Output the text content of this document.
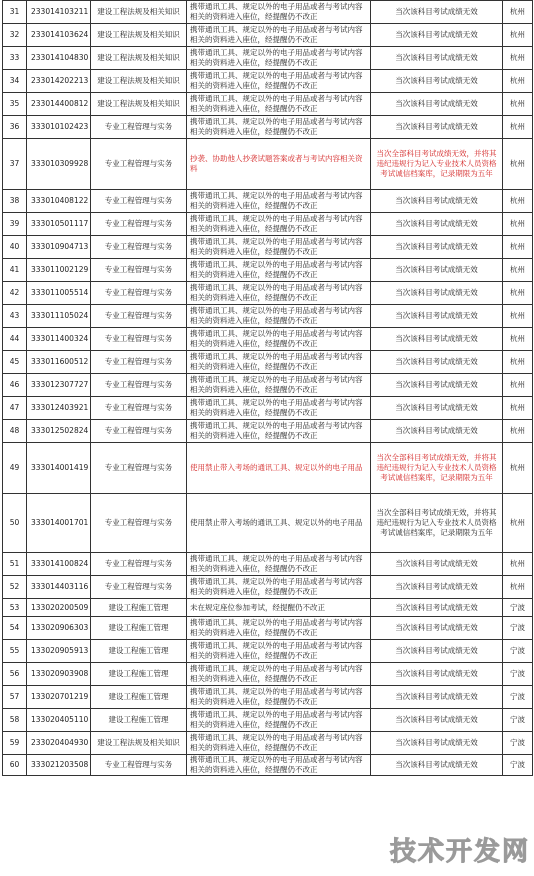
31	233014103211	建设工程法规及相关知识	携带通讯工具、规定以外的电子用品或者与考试内容相关的资料进入座位，经提醒仍不改正	当次该科目考试成绩无效	杭州
32	233014103624	建设工程法规及相关知识	携带通讯工具、规定以外的电子用品或者与考试内容相关的资料进入座位，经提醒仍不改正	当次该科目考试成绩无效	杭州
33	233014104830	建设工程法规及相关知识	携带通讯工具、规定以外的电子用品或者与考试内容相关的资料进入座位，经提醒仍不改正	当次该科目考试成绩无效	杭州
34	233014202213	建设工程法规及相关知识	携带通讯工具、规定以外的电子用品或者与考试内容相关的资料进入座位，经提醒仍不改正	当次该科目考试成绩无效	杭州
35	233014400812	建设工程法规及相关知识	携带通讯工具、规定以外的电子用品或者与考试内容相关的资料进入座位，经提醒仍不改正	当次该科目考试成绩无效	杭州
36	333010102423	专业工程管理与实务	携带通讯工具、规定以外的电子用品或者与考试内容相关的资料进入座位，经提醒仍不改正	当次该科目考试成绩无效	杭州
37	333010309928	专业工程管理与实务	抄袭、协助他人抄袭试题答案或者与考试内容相关资料	当次全部科目考试成绩无效，并将其违纪违规行为记入专业技术人员资格考试诚信档案库，记录期限为五年	杭州
38	333010408122	专业工程管理与实务	携带通讯工具、规定以外的电子用品或者与考试内容相关的资料进入座位，经提醒仍不改正	当次该科目考试成绩无效	杭州
39	333010501117	专业工程管理与实务	携带通讯工具、规定以外的电子用品或者与考试内容相关的资料进入座位，经提醒仍不改正	当次该科目考试成绩无效	杭州
40	333010904713	专业工程管理与实务	携带通讯工具、规定以外的电子用品或者与考试内容相关的资料进入座位，经提醒仍不改正	当次该科目考试成绩无效	杭州
41	333011002129	专业工程管理与实务	携带通讯工具、规定以外的电子用品或者与考试内容相关的资料进入座位，经提醒仍不改正	当次该科目考试成绩无效	杭州
42	333011005514	专业工程管理与实务	携带通讯工具、规定以外的电子用品或者与考试内容相关的资料进入座位，经提醒仍不改正	当次该科目考试成绩无效	杭州
43	333011105024	专业工程管理与实务	携带通讯工具、规定以外的电子用品或者与考试内容相关的资料进入座位，经提醒仍不改正	当次该科目考试成绩无效	杭州
44	333011400324	专业工程管理与实务	携带通讯工具、规定以外的电子用品或者与考试内容相关的资料进入座位，经提醒仍不改正	当次该科目考试成绩无效	杭州
45	333011600512	专业工程管理与实务	携带通讯工具、规定以外的电子用品或者与考试内容相关的资料进入座位，经提醒仍不改正	当次该科目考试成绩无效	杭州
46	333012307727	专业工程管理与实务	携带通讯工具、规定以外的电子用品或者与考试内容相关的资料进入座位，经提醒仍不改正	当次该科目考试成绩无效	杭州
47	333012403921	专业工程管理与实务	携带通讯工具、规定以外的电子用品或者与考试内容相关的资料进入座位，经提醒仍不改正	当次该科目考试成绩无效	杭州
48	333012502824	专业工程管理与实务	携带通讯工具、规定以外的电子用品或者与考试内容相关的资料进入座位，经提醒仍不改正	当次该科目考试成绩无效	杭州
49	333014001419	专业工程管理与实务	使用禁止带入考场的通讯工具、规定以外的电子用品	当次全部科目考试成绩无效，并将其违纪违规行为记入专业技术人员资格考试诚信档案库，记录期限为五年	杭州
50	333014001701	专业工程管理与实务	使用禁止带入考场的通讯工具、规定以外的电子用品	当次全部科目考试成绩无效，并将其违纪违规行为记入专业技术人员资格考试诚信档案库，记录期限为五年	杭州
51	333014100824	专业工程管理与实务	携带通讯工具、规定以外的电子用品或者与考试内容相关的资料进入座位，经提醒仍不改正	当次该科目考试成绩无效	杭州
52	333014403116	专业工程管理与实务	携带通讯工具、规定以外的电子用品或者与考试内容相关的资料进入座位，经提醒仍不改正	当次该科目考试成绩无效	杭州
53	133020200509	建设工程施工管理	未在规定座位参加考试，经提醒仍不改正	当次该科目考试成绩无效	宁波
54	133020906303	建设工程施工管理	携带通讯工具、规定以外的电子用品或者与考试内容相关的资料进入座位，经提醒仍不改正	当次该科目考试成绩无效	宁波
55	133020905913	建设工程施工管理	携带通讯工具、规定以外的电子用品或者与考试内容相关的资料进入座位，经提醒仍不改正	当次该科目考试成绩无效	宁波
56	133020903908	建设工程施工管理	携带通讯工具、规定以外的电子用品或者与考试内容相关的资料进入座位，经提醒仍不改正	当次该科目考试成绩无效	宁波
57	133020701219	建设工程施工管理	携带通讯工具、规定以外的电子用品或者与考试内容相关的资料进入座位，经提醒仍不改正	当次该科目考试成绩无效	宁波
58	133020405110	建设工程施工管理	携带通讯工具、规定以外的电子用品或者与考试内容相关的资料进入座位，经提醒仍不改正	当次该科目考试成绩无效	宁波
59	233020404930	建设工程法规及相关知识	携带通讯工具、规定以外的电子用品或者与考试内容相关的资料进入座位，经提醒仍不改正	当次该科目考试成绩无效	宁波
60	333021203508	专业工程管理与实务	携带通讯工具、规定以外的电子用品或者与考试内容相关的资料进入座位，经提醒仍不改正	当次该科目考试成绩无效	宁波
技术开发网
